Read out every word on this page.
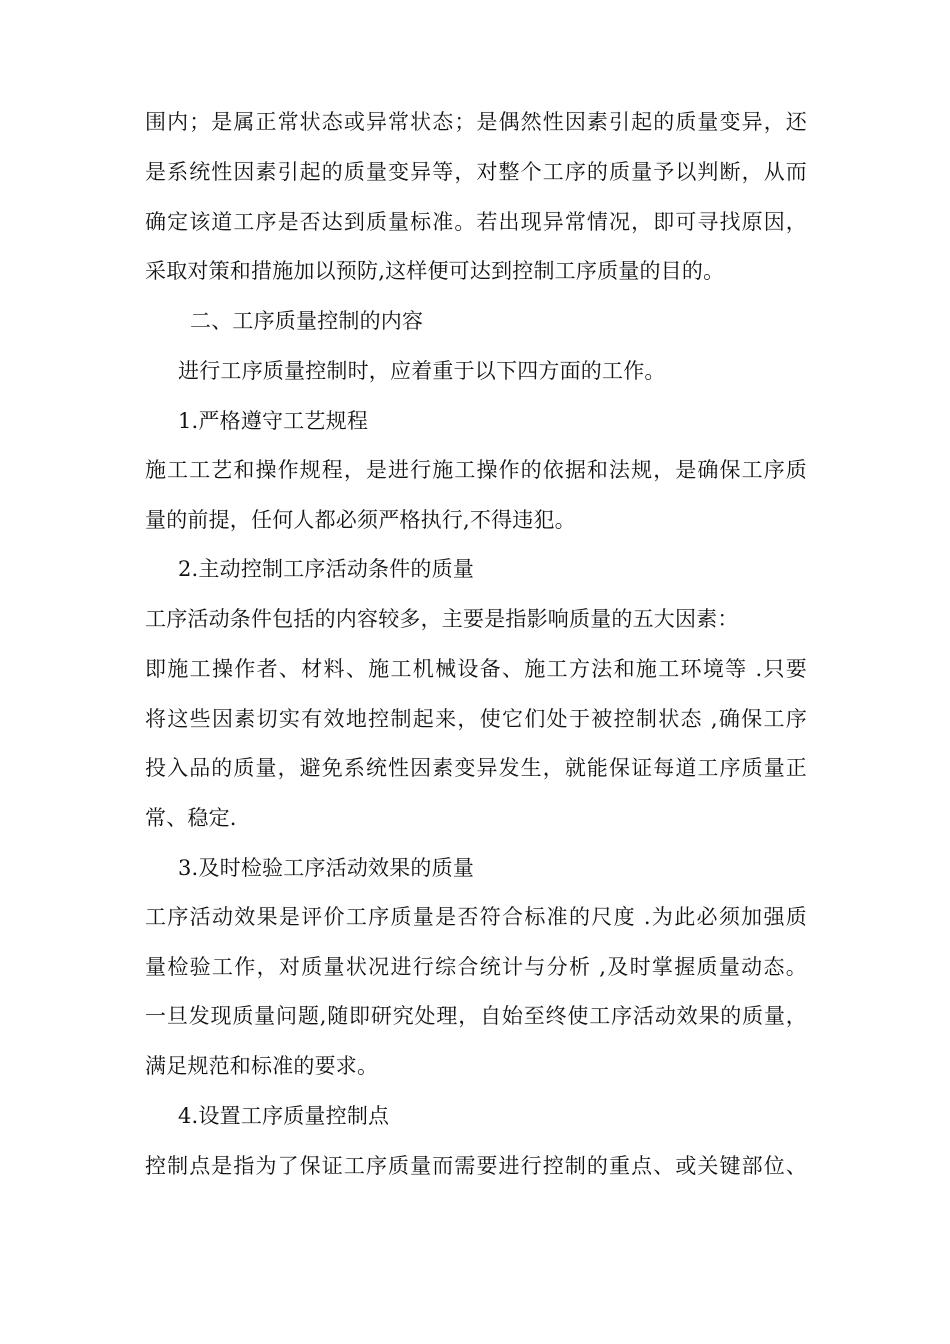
围内；是属正常状态或异常状态；是偶然性因素引起的质量变异，还
是系统性因素引起的质量变异等，对整个工序的质量予以判断，从而
确定该道工序是否达到质量标准。若出现异常情况，即可寻找原因，
采取对策和措施加以预防,这样便可达到控制工序质量的目的。
二、工序质量控制的内容
进行工序质量控制时，应着重于以下四方面的工作。
1.严格遵守工艺规程
施工工艺和操作规程，是进行施工操作的依据和法规，是确保工序质
量的前提，任何人都必须严格执行,不得违犯。
2.主动控制工序活动条件的质量
工序活动条件包括的内容较多，主要是指影响质量的五大因素：
即施工操作者、材料、施工机械设备、施工方法和施工环境等 .只要
将这些因素切实有效地控制起来，使它们处于被控制状态 ,确保工序
投入品的质量，避免系统性因素变异发生，就能保证每道工序质量正
常、稳定.
3.及时检验工序活动效果的质量
工序活动效果是评价工序质量是否符合标准的尺度 .为此必须加强质
量检验工作，对质量状况进行综合统计与分析 ,及时掌握质量动态。
一旦发现质量问题,随即研究处理，自始至终使工序活动效果的质量，
满足规范和标准的要求。
4.设置工序质量控制点
控制点是指为了保证工序质量而需要进行控制的重点、或关键部位、
